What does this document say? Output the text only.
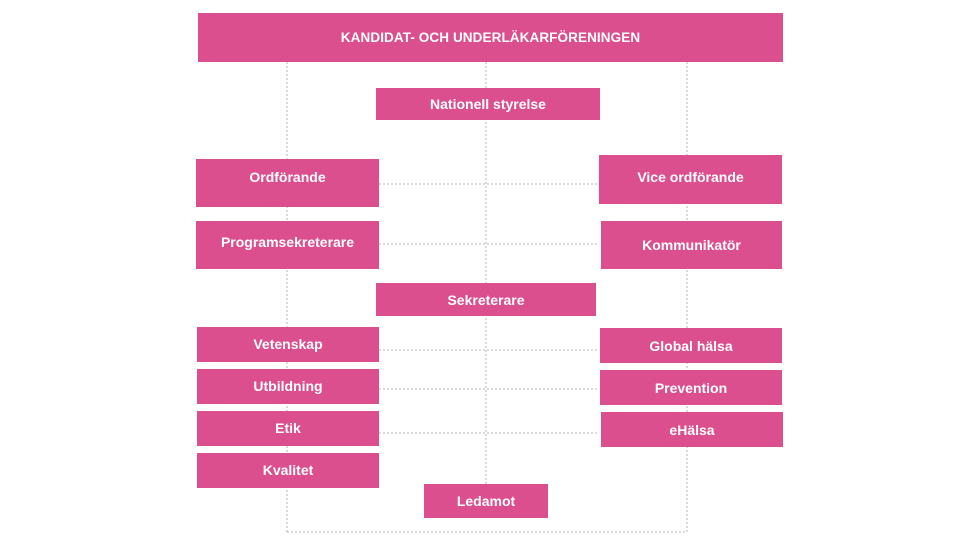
KANDIDAT- OCH UNDERLÄKARFÖRENINGEN
Nationell styrelse
Ordförande	Vice ordförande
Programsekreterare	Kommunikatör
Sekreterare
Vetenskap
Utbildning
Etik
Kvalitet
Global hälsa
Prevention
eHälsa
Ledamot
